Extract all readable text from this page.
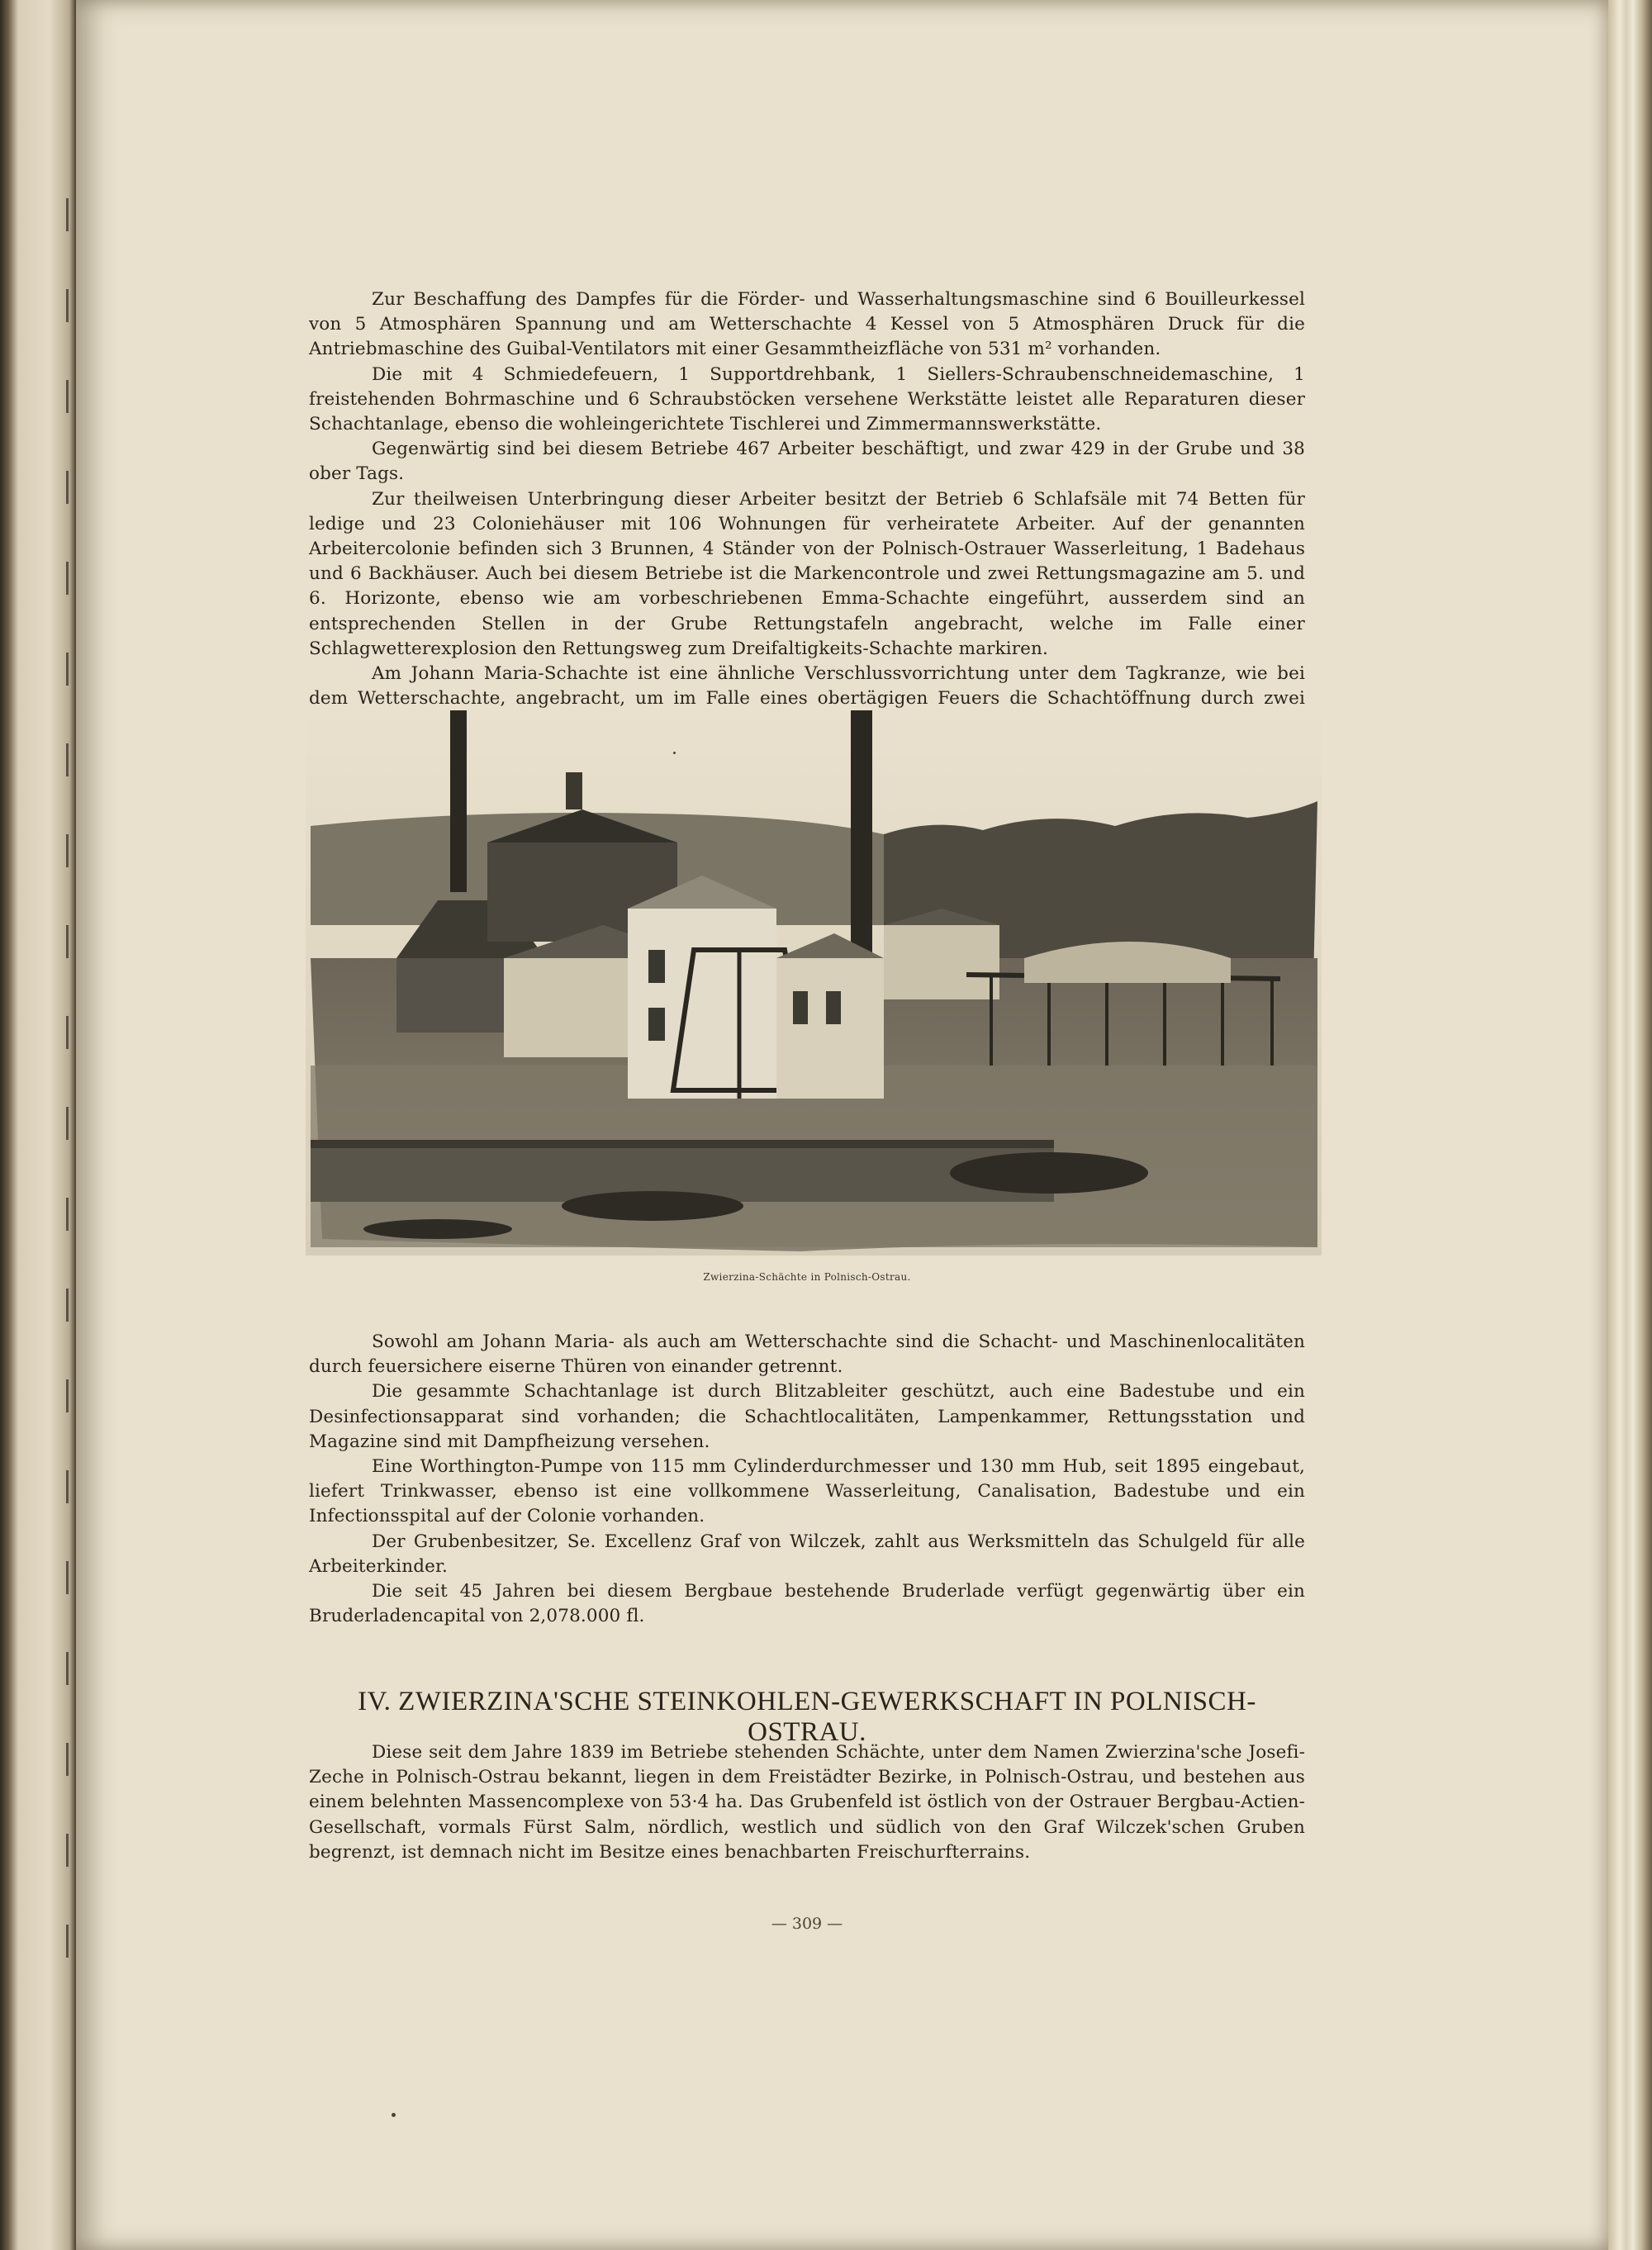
Zur Beschaffung des Dampfes für die Förder- und Wasserhaltungsmaschine sind 6 Bouilleurkessel von 5 Atmosphären Spannung und am Wetterschachte 4 Kessel von 5 Atmosphären Druck für die Antriebmaschine des Guibal-Ventilators mit einer Gesammtheizfläche von 531 m² vorhanden.

Die mit 4 Schmiedefeuern, 1 Supportdrehbank, 1 Siellers-Schraubenschneidemaschine, 1 freistehenden Bohrmaschine und 6 Schraubstöcken versehene Werkstätte leistet alle Reparaturen dieser Schachtanlage, ebenso die wohleingerichtete Tischlerei und Zimmermannswerkstätte.

Gegenwärtig sind bei diesem Betriebe 467 Arbeiter beschäftigt, und zwar 429 in der Grube und 38 ober Tags.

Zur theilweisen Unterbringung dieser Arbeiter besitzt der Betrieb 6 Schlafsäle mit 74 Betten für ledige und 23 Coloniehäuser mit 106 Wohnungen für verheiratete Arbeiter. Auf der genannten Arbeitercolonie befinden sich 3 Brunnen, 4 Ständer von der Polnisch-Ostrauer Wasserleitung, 1 Badehaus und 6 Backhäuser. Auch bei diesem Betriebe ist die Markencontrole und zwei Rettungsmagazine am 5. und 6. Horizonte, ebenso wie am vorbeschriebenen Emma-Schachte eingeführt, ausserdem sind an entsprechenden Stellen in der Grube Rettungstafeln angebracht, welche im Falle einer Schlagwetterexplosion den Rettungsweg zum Dreifaltigkeits-Schachte markiren.

Am Johann Maria-Schachte ist eine ähnliche Verschlussvorrichtung unter dem Tagkranze, wie bei dem Wetterschachte, angebracht, um im Falle eines obertägigen Feuers die Schachtöffnung durch zwei

Zwierzina-Schächte in Polnisch-Ostrau.

Sowohl am Johann Maria- als auch am Wetterschachte sind die Schacht- und Maschinenlocalitäten durch feuersichere eiserne Thüren von einander getrennt.

Die gesammte Schachtanlage ist durch Blitzableiter geschützt, auch eine Badestube und ein Desinfectionsapparat sind vorhanden; die Schachtlocalitäten, Lampenkammer, Rettungsstation und Magazine sind mit Dampfheizung versehen.

Eine Worthington-Pumpe von 115 mm Cylinderdurchmesser und 130 mm Hub, seit 1895 eingebaut, liefert Trinkwasser, ebenso ist eine vollkommene Wasserleitung, Canalisation, Badestube und ein Infectionsspital auf der Colonie vorhanden.

Der Grubenbesitzer, Se. Excellenz Graf von Wilczek, zahlt aus Werksmitteln das Schulgeld für alle Arbeiterkinder.

Die seit 45 Jahren bei diesem Bergbaue bestehende Bruderlade verfügt gegenwärtig über ein Bruderladencapital von 2,078.000 fl.

IV. ZWIERZINA'SCHE STEINKOHLEN-GEWERKSCHAFT IN POLNISCH-OSTRAU.

Diese seit dem Jahre 1839 im Betriebe stehenden Schächte, unter dem Namen Zwierzina'sche Josefi-Zeche in Polnisch-Ostrau bekannt, liegen in dem Freistädter Bezirke, in Polnisch-Ostrau, und bestehen aus einem belehnten Massencomplexe von 53·4 ha. Das Grubenfeld ist östlich von der Ostrauer Bergbau-Actien-Gesellschaft, vormals Fürst Salm, nördlich, westlich und südlich von den Graf Wilczek'schen Gruben begrenzt, ist demnach nicht im Besitze eines benachbarten Freischurfterrains.

— 309 —
